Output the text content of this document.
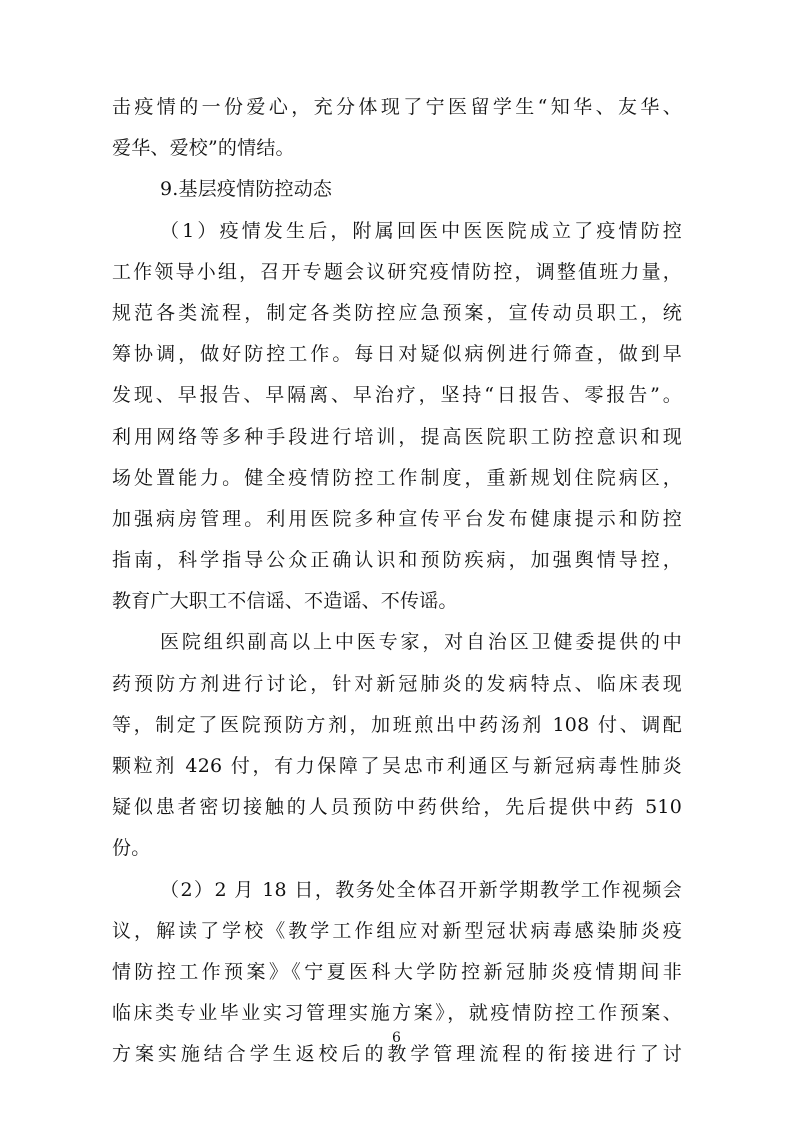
击疫情的一份爱心，充分体现了宁医留学生“知华、友华、
爱华、爱校”的情结。
9.基层疫情防控动态
（1）疫情发生后，附属回医中医医院成立了疫情防控
工作领导小组，召开专题会议研究疫情防控，调整值班力量，
规范各类流程，制定各类防控应急预案，宣传动员职工，统
筹协调，做好防控工作。每日对疑似病例进行筛查，做到早
发现、早报告、早隔离、早治疗，坚持“日报告、零报告”。
利用网络等多种手段进行培训，提高医院职工防控意识和现
场处置能力。健全疫情防控工作制度，重新规划住院病区，
加强病房管理。利用医院多种宣传平台发布健康提示和防控
指南，科学指导公众正确认识和预防疾病，加强舆情导控，
教育广大职工不信谣、不造谣、不传谣。
医院组织副高以上中医专家，对自治区卫健委提供的中
药预防方剂进行讨论，针对新冠肺炎的发病特点、临床表现
等，制定了医院预防方剂，加班煎出中药汤剂 108 付、调配
颗粒剂 426 付，有力保障了吴忠市利通区与新冠病毒性肺炎
疑似患者密切接触的人员预防中药供给，先后提供中药 510
份。
（2）2 月 18 日，教务处全体召开新学期教学工作视频会
议，解读了学校《教学工作组应对新型冠状病毒感染肺炎疫
情防控工作预案》《宁夏医科大学防控新冠肺炎疫情期间非
临床类专业毕业实习管理实施方案》，就疫情防控工作预案、
方案实施结合学生返校后的教学管理流程的衔接进行了讨
6
